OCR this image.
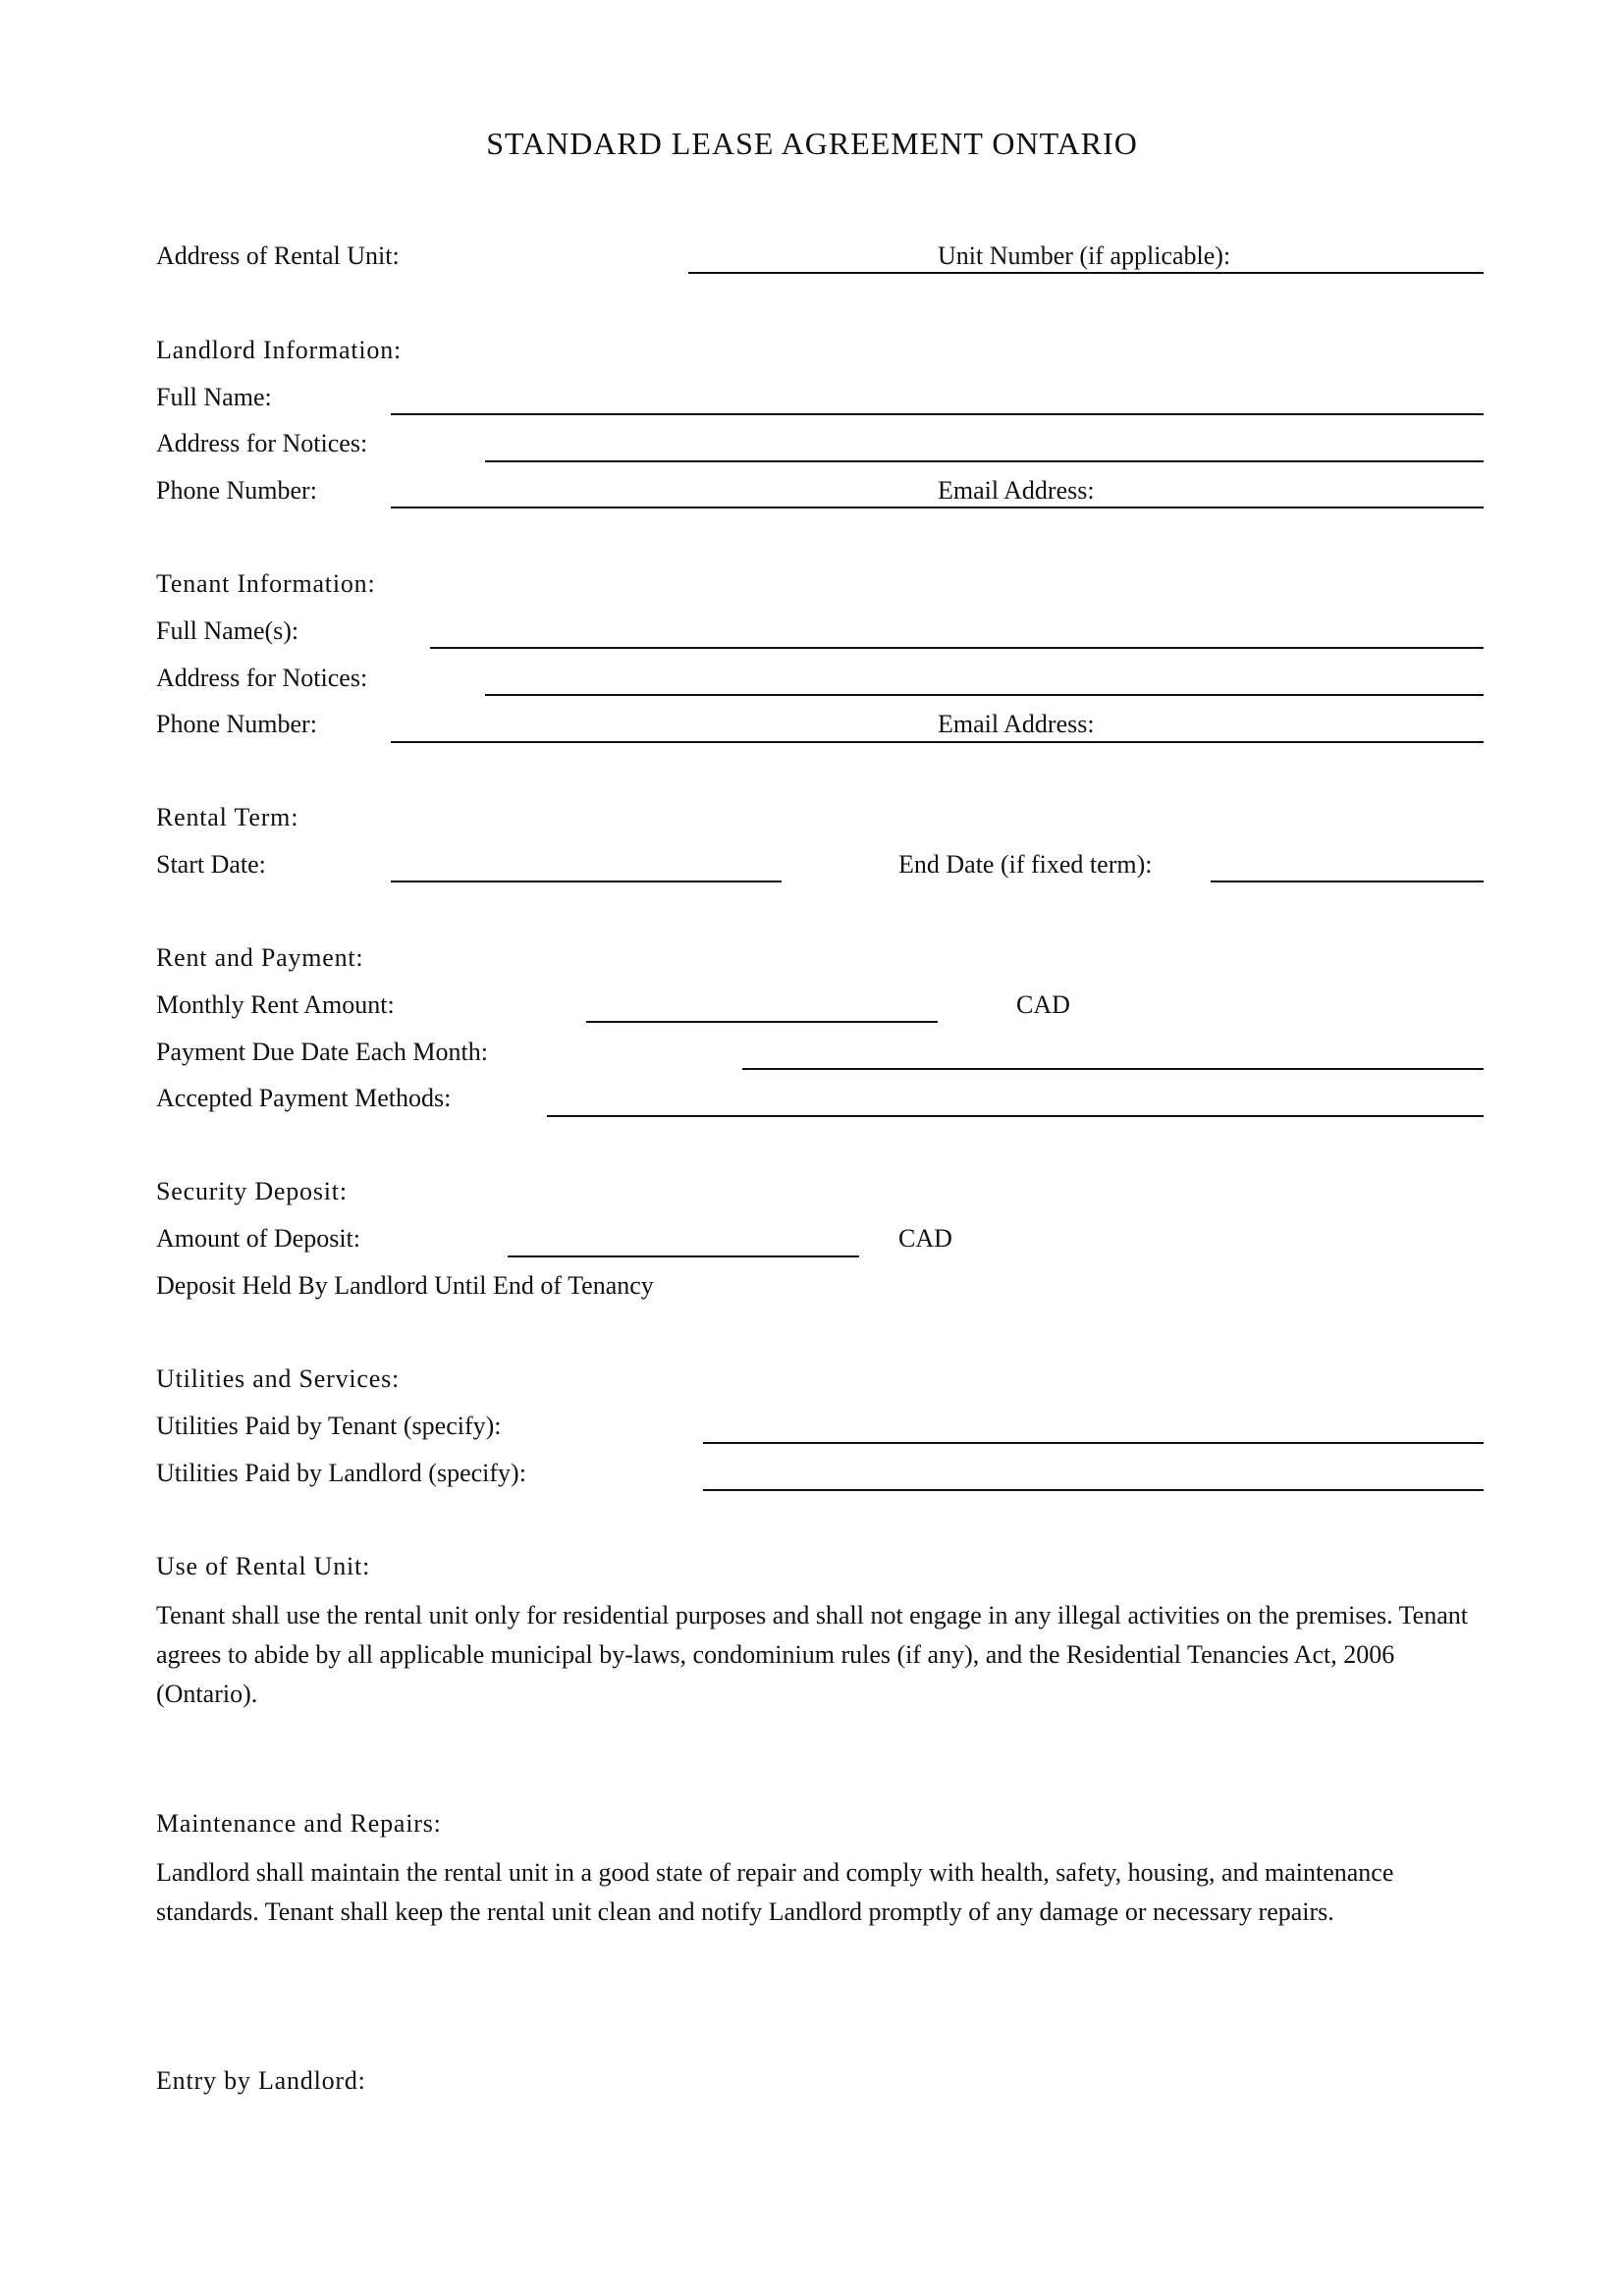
STANDARD LEASE AGREEMENT ONTARIO
Address of Rental Unit:	Unit Number (if applicable):
Landlord Information:
Full Name:
Address for Notices:
Phone Number:	Email Address:
Tenant Information:
Full Name(s):
Address for Notices:
Phone Number:	Email Address:
Rental Term:
Start Date:	End Date (if fixed term):
Rent and Payment:
Monthly Rent Amount:	CAD
Payment Due Date Each Month:
Accepted Payment Methods:
Security Deposit:
Amount of Deposit:	CAD
Deposit Held By Landlord Until End of Tenancy
Utilities and Services:
Utilities Paid by Tenant (specify):
Utilities Paid by Landlord (specify):
Use of Rental Unit:
Tenant shall use the rental unit only for residential purposes and shall not engage in any illegal activities on the premises. Tenant agrees to abide by all applicable municipal by-laws, condominium rules (if any), and the Residential Tenancies Act, 2006 (Ontario).
Maintenance and Repairs:
Landlord shall maintain the rental unit in a good state of repair and comply with health, safety, housing, and maintenance standards. Tenant shall keep the rental unit clean and notify Landlord promptly of any damage or necessary repairs.
Entry by Landlord:
